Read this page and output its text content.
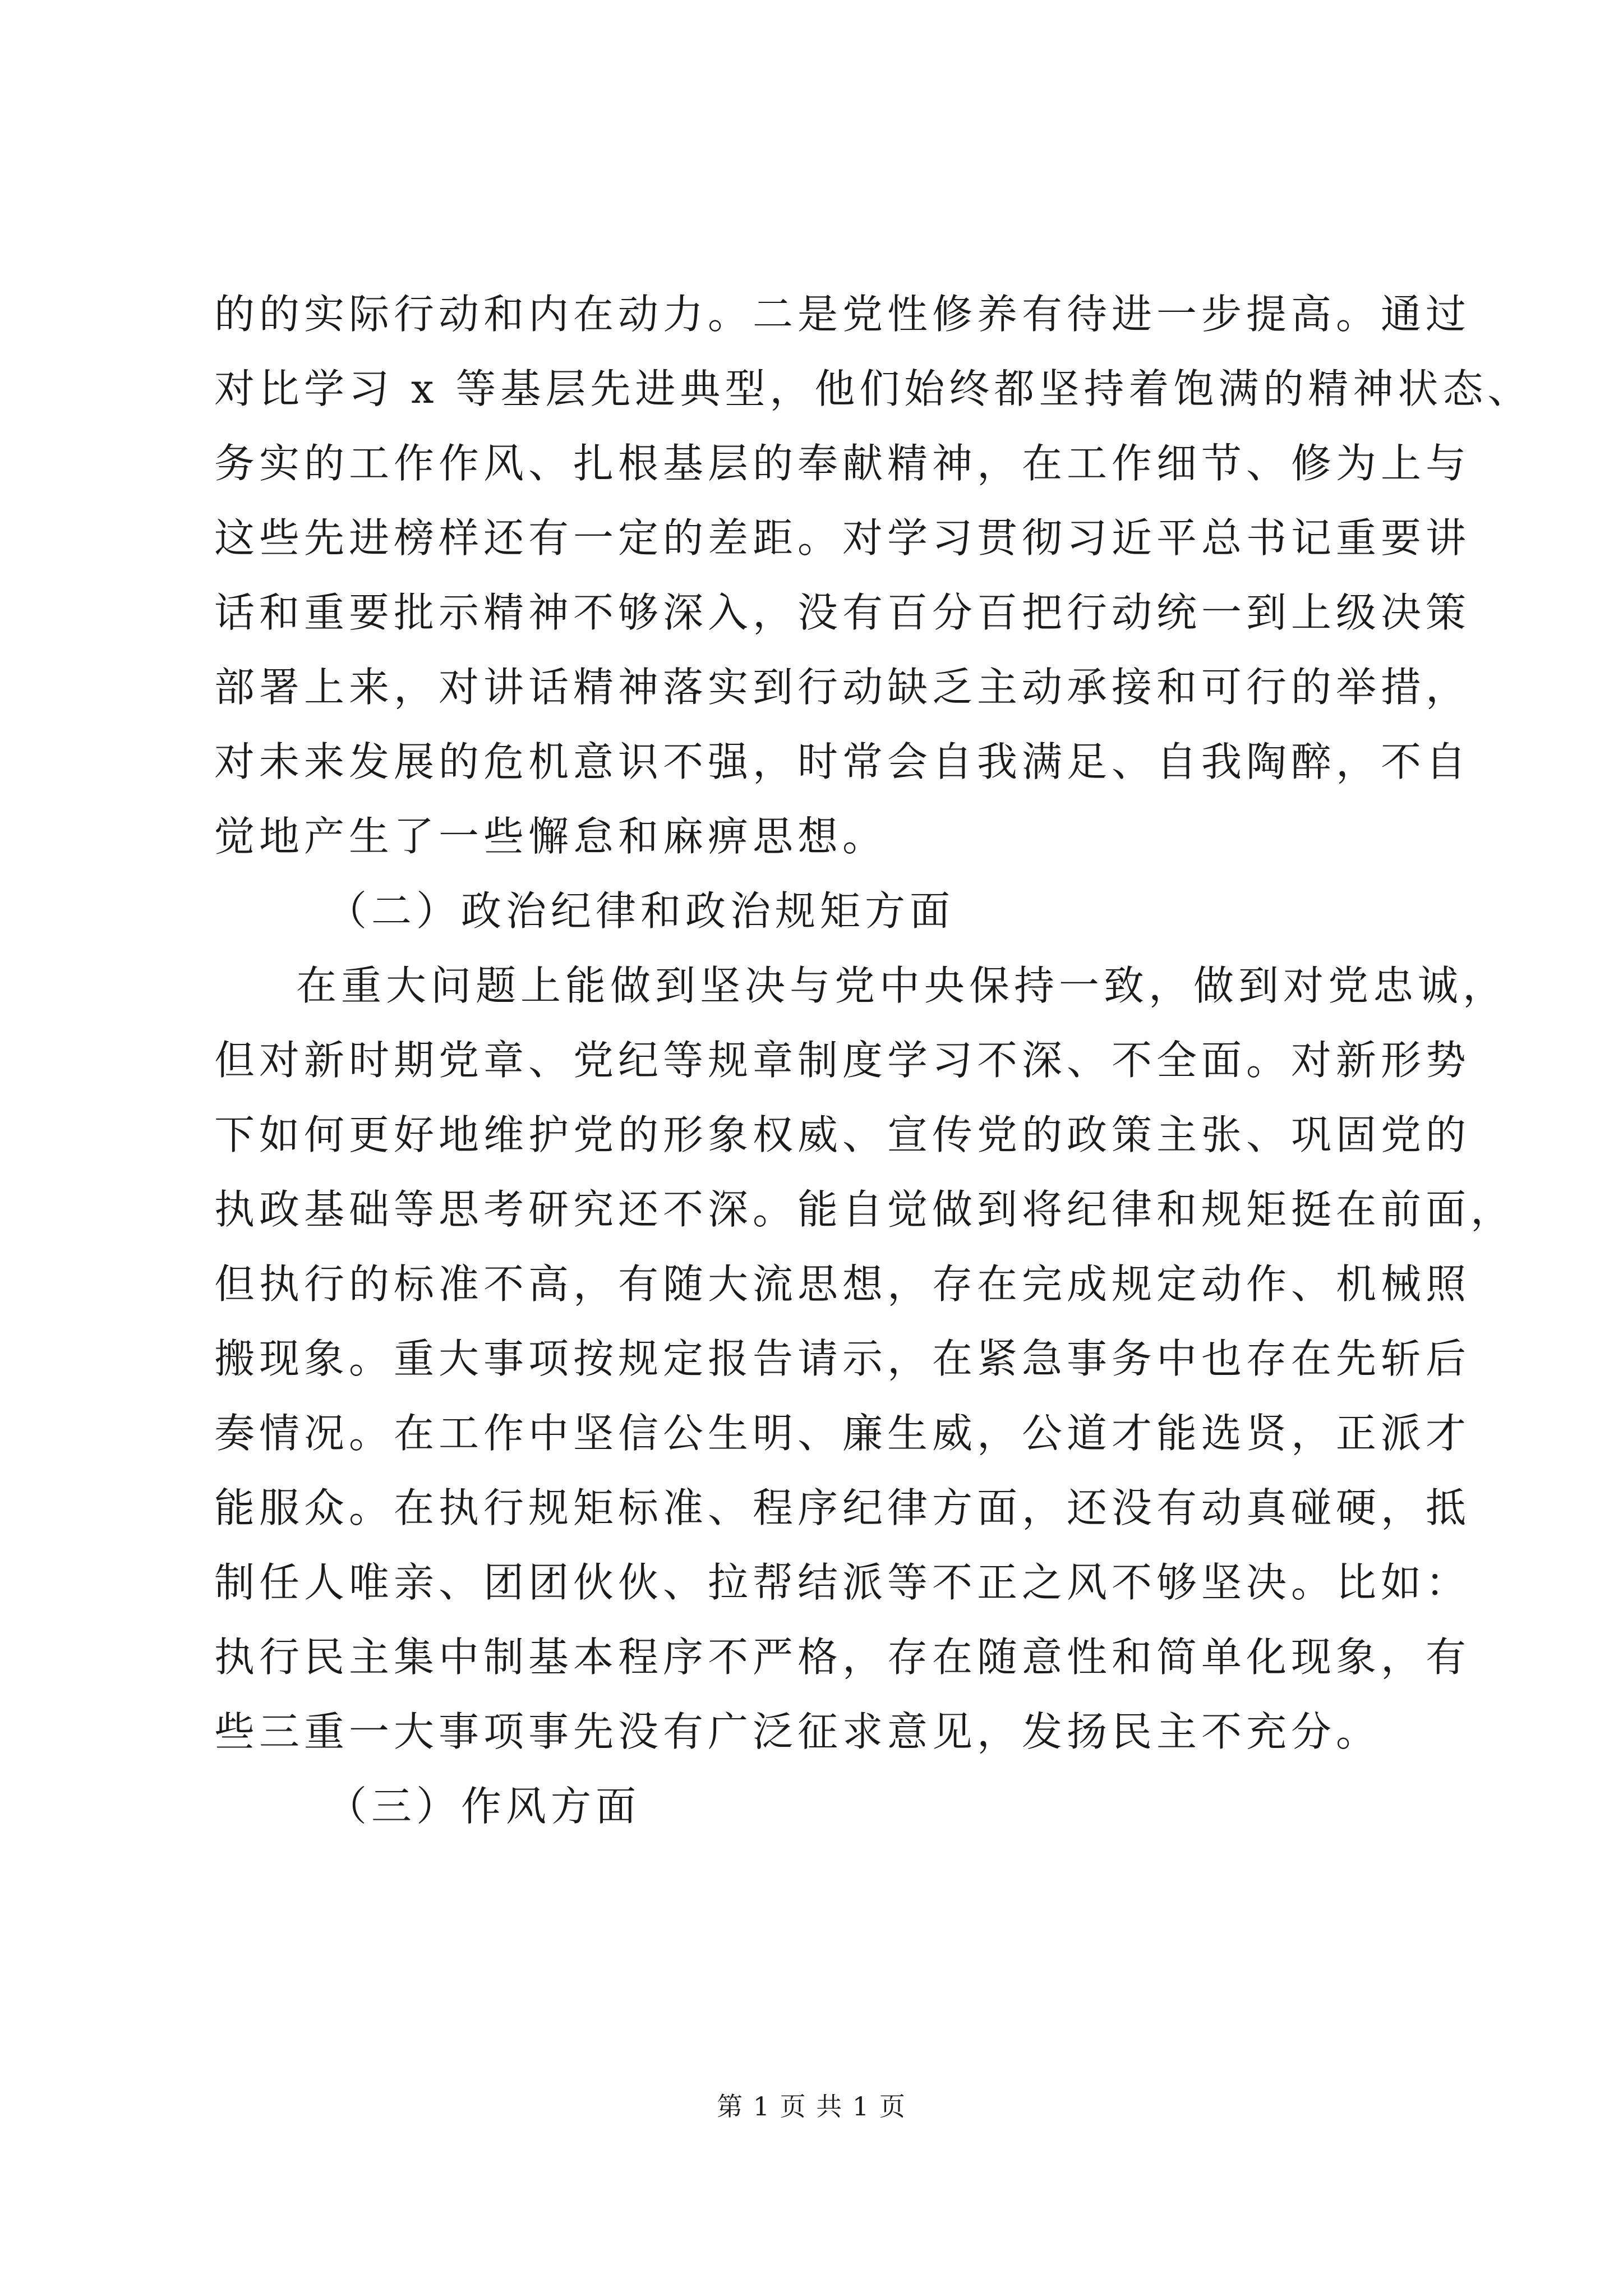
的的实际行动和内在动力。二是党性修养有待进一步提高。通过
对比学习 x 等基层先进典型，他们始终都坚持着饱满的精神状态、
务实的工作作风、扎根基层的奉献精神，在工作细节、修为上与
这些先进榜样还有一定的差距。对学习贯彻习近平总书记重要讲
话和重要批示精神不够深入，没有百分百把行动统一到上级决策
部署上来，对讲话精神落实到行动缺乏主动承接和可行的举措，
对未来发展的危机意识不强，时常会自我满足、自我陶醉，不自
觉地产生了一些懈怠和麻痹思想。
（二）政治纪律和政治规矩方面
在重大问题上能做到坚决与党中央保持一致，做到对党忠诚，
但对新时期党章、党纪等规章制度学习不深、不全面。对新形势
下如何更好地维护党的形象权威、宣传党的政策主张、巩固党的
执政基础等思考研究还不深。能自觉做到将纪律和规矩挺在前面，
但执行的标准不高，有随大流思想，存在完成规定动作、机械照
搬现象。重大事项按规定报告请示，在紧急事务中也存在先斩后
奏情况。在工作中坚信公生明、廉生威，公道才能选贤，正派才
能服众。在执行规矩标准、程序纪律方面，还没有动真碰硬，抵
制任人唯亲、团团伙伙、拉帮结派等不正之风不够坚决。比如：
执行民主集中制基本程序不严格，存在随意性和简单化现象，有
些三重一大事项事先没有广泛征求意见，发扬民主不充分。
（三）作风方面
第 1 页 共 1 页
